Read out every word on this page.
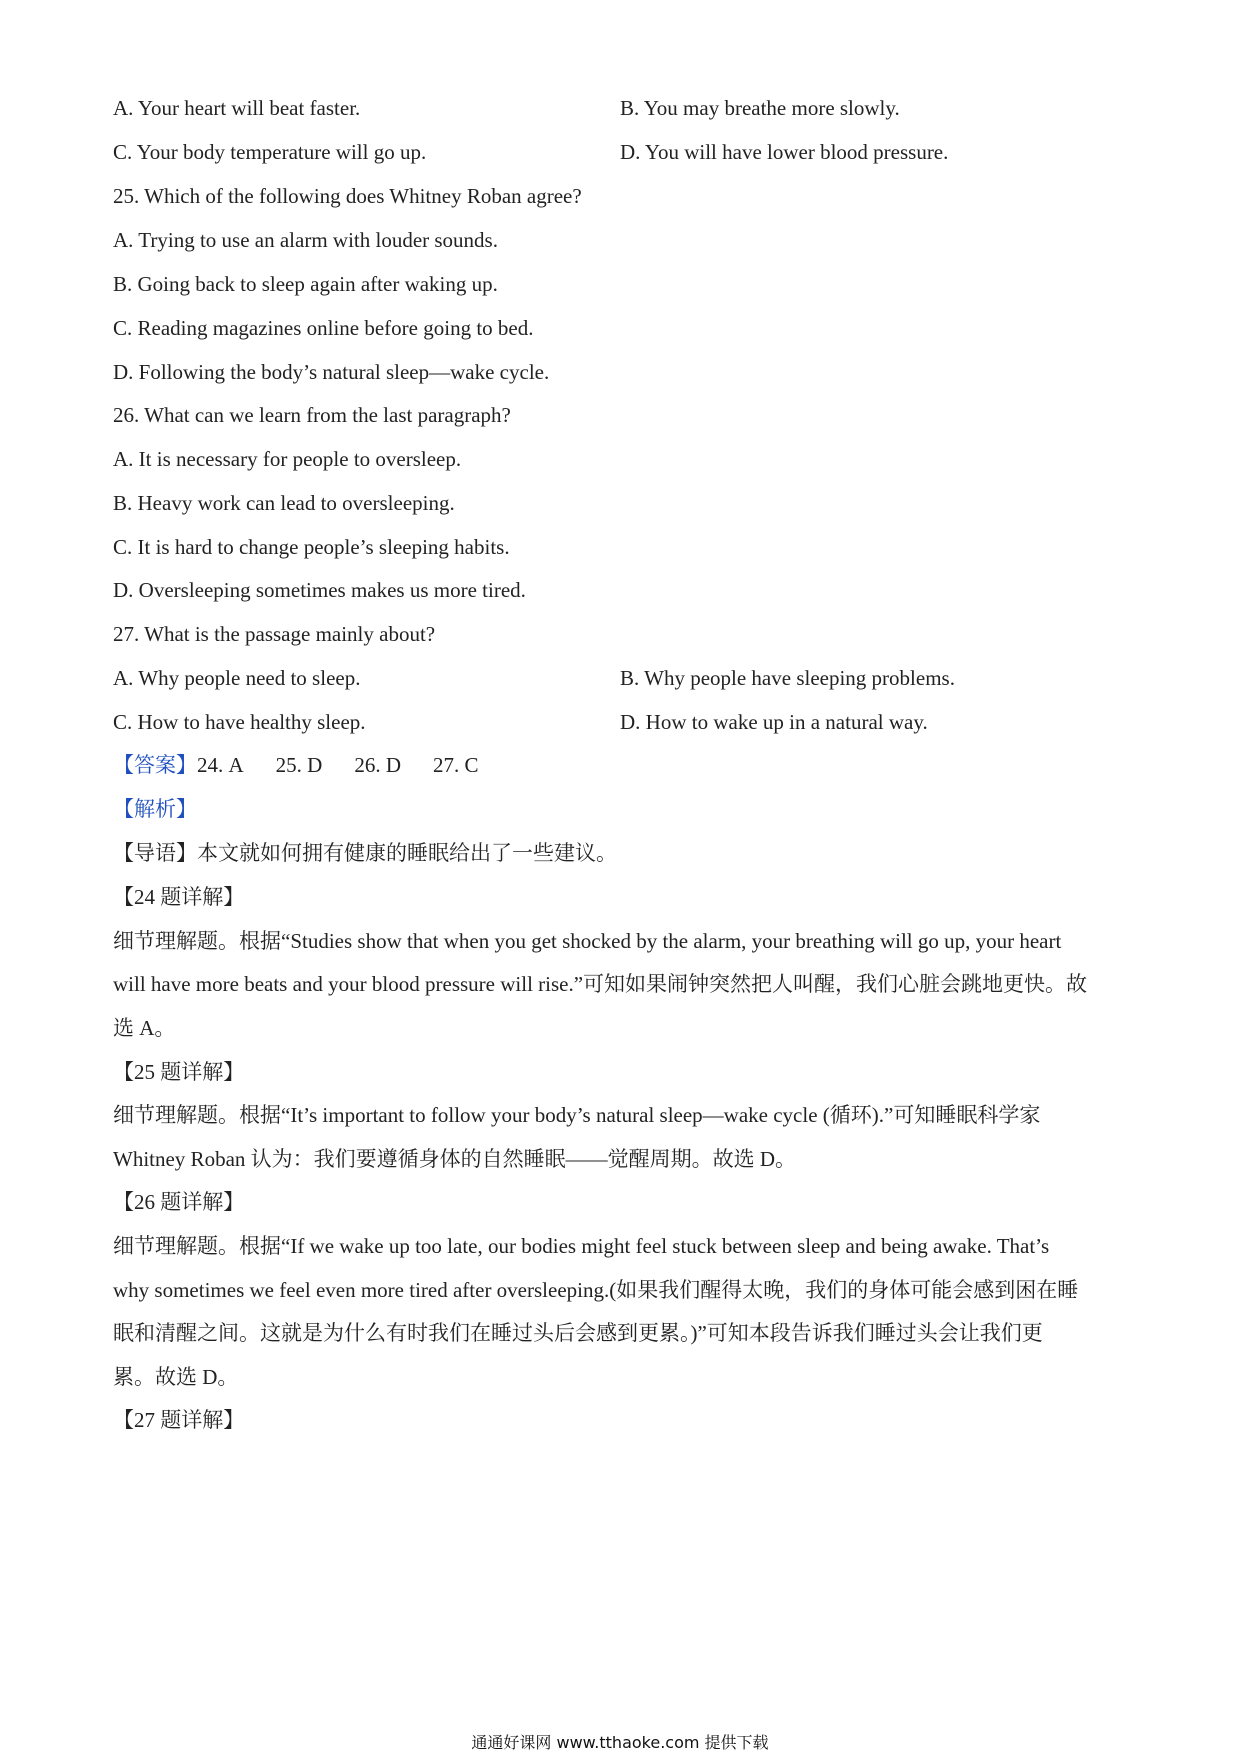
A. Your heart will beat faster.	B. You may breathe more slowly.
C. Your body temperature will go up.	D. You will have lower blood pressure.
25. Which of the following does Whitney Roban agree?
A. Trying to use an alarm with louder sounds.
B. Going back to sleep again after waking up.
C. Reading magazines online before going to bed.
D. Following the body’s natural sleep—wake cycle.
26. What can we learn from the last paragraph?
A. It is necessary for people to oversleep.
B. Heavy work can lead to oversleeping.
C. It is hard to change people’s sleeping habits.
D. Oversleeping sometimes makes us more tired.
27. What is the passage mainly about?
A. Why people need to sleep.	B. Why people have sleeping problems.
C. How to have healthy sleep.	D. How to wake up in a natural way.
【答案】24. A 25. D 26. D 27. C
【解析】
【导语】本文就如何拥有健康的睡眠给出了一些建议。
【24 题详解】
细节理解题。根据“Studies show that when you get shocked by the alarm, your breathing will go up, your heart
will have more beats and your blood pressure will rise.”可知如果闹钟突然把人叫醒，我们心脏会跳地更快。故
选 A。
【25 题详解】
细节理解题。根据“It’s important to follow your body’s natural sleep—wake cycle (循环).”可知睡眠科学家
Whitney Roban 认为：我们要遵循身体的自然睡眠——觉醒周期。故选 D。
【26 题详解】
细节理解题。根据“If we wake up too late, our bodies might feel stuck between sleep and being awake. That’s
why sometimes we feel even more tired after oversleeping.(如果我们醒得太晚，我们的身体可能会感到困在睡
眠和清醒之间。这就是为什么有时我们在睡过头后会感到更累。)”可知本段告诉我们睡过头会让我们更
累。故选 D。
【27 题详解】
通通好课网 www.tthaoke.com 提供下载
